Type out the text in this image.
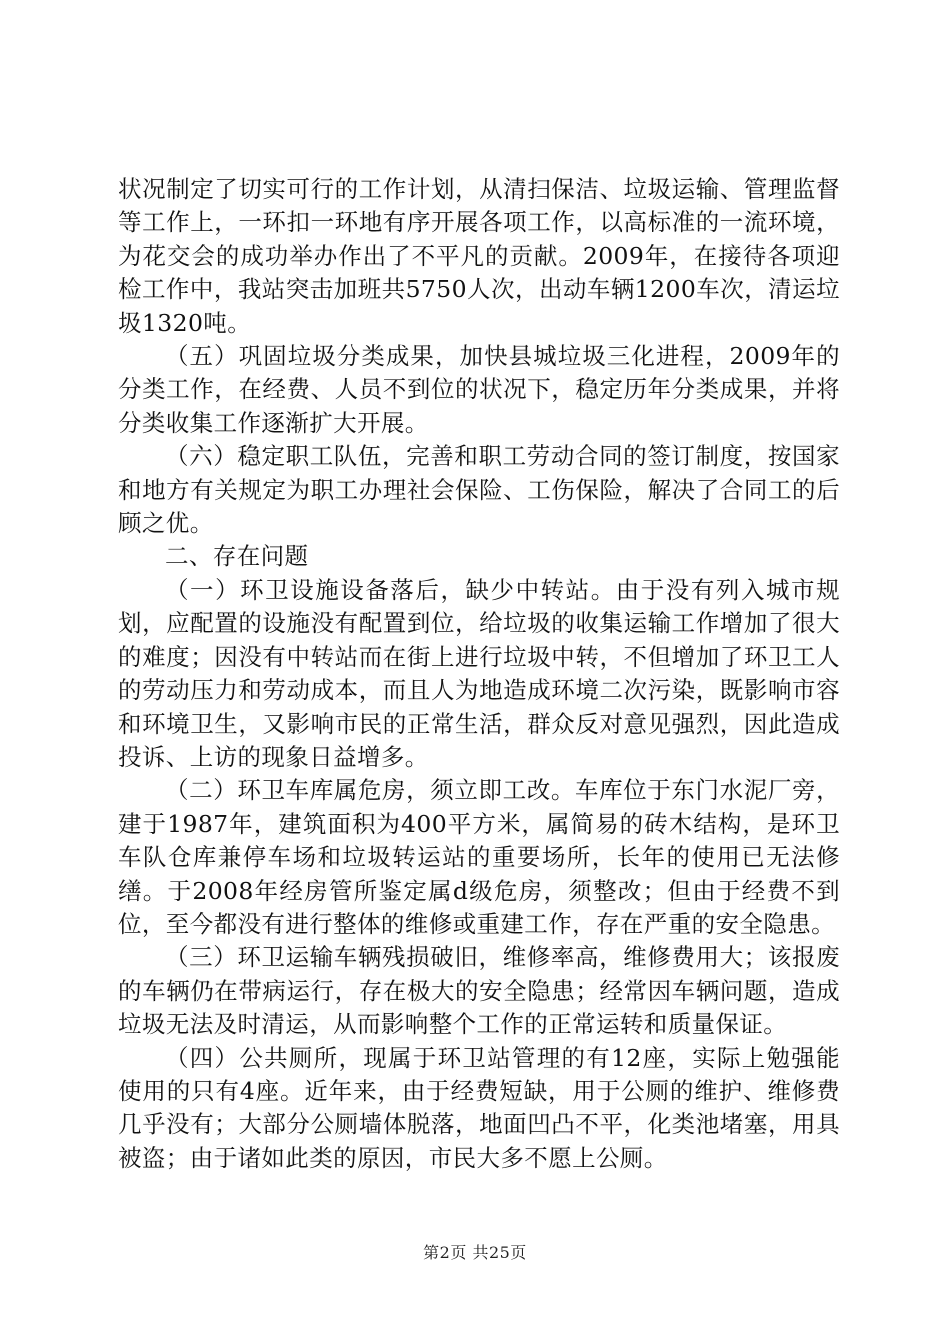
状况制定了切实可行的工作计划，从清扫保洁、垃圾运输、管理监督等工作上，一环扣一环地有序开展各项工作，以高标准的一流环境，为花交会的成功举办作出了不平凡的贡献。2009年，在接待各项迎检工作中，我站突击加班共5750人次，出动车辆1200车次，清运垃圾1320吨。

（五）巩固垃圾分类成果，加快县城垃圾三化进程，2009年的分类工作，在经费、人员不到位的状况下，稳定历年分类成果，并将分类收集工作逐渐扩大开展。

（六）稳定职工队伍，完善和职工劳动合同的签订制度，按国家和地方有关规定为职工办理社会保险、工伤保险，解决了合同工的后顾之优。

二、存在问题

（一）环卫设施设备落后，缺少中转站。由于没有列入城市规划，应配置的设施没有配置到位，给垃圾的收集运输工作增加了很大的难度；因没有中转站而在街上进行垃圾中转，不但增加了环卫工人的劳动压力和劳动成本，而且人为地造成环境二次污染，既影响市容和环境卫生，又影响市民的正常生活，群众反对意见强烈，因此造成投诉、上访的现象日益增多。

（二）环卫车库属危房，须立即工改。车库位于东门水泥厂旁，建于1987年，建筑面积为400平方米，属简易的砖木结构，是环卫车队仓库兼停车场和垃圾转运站的重要场所，长年的使用已无法修缮。于2008年经房管所鉴定属d级危房，须整改；但由于经费不到位，至今都没有进行整体的维修或重建工作，存在严重的安全隐患。

（三）环卫运输车辆残损破旧，维修率高，维修费用大；该报废的车辆仍在带病运行，存在极大的安全隐患；经常因车辆问题，造成垃圾无法及时清运，从而影响整个工作的正常运转和质量保证。

（四）公共厕所，现属于环卫站管理的有12座，实际上勉强能使用的只有4座。近年来，由于经费短缺，用于公厕的维护、维修费几乎没有；大部分公厕墙体脱落，地面凹凸不平，化类池堵塞，用具被盗；由于诸如此类的原因，市民大多不愿上公厕。

第2页 共25页
